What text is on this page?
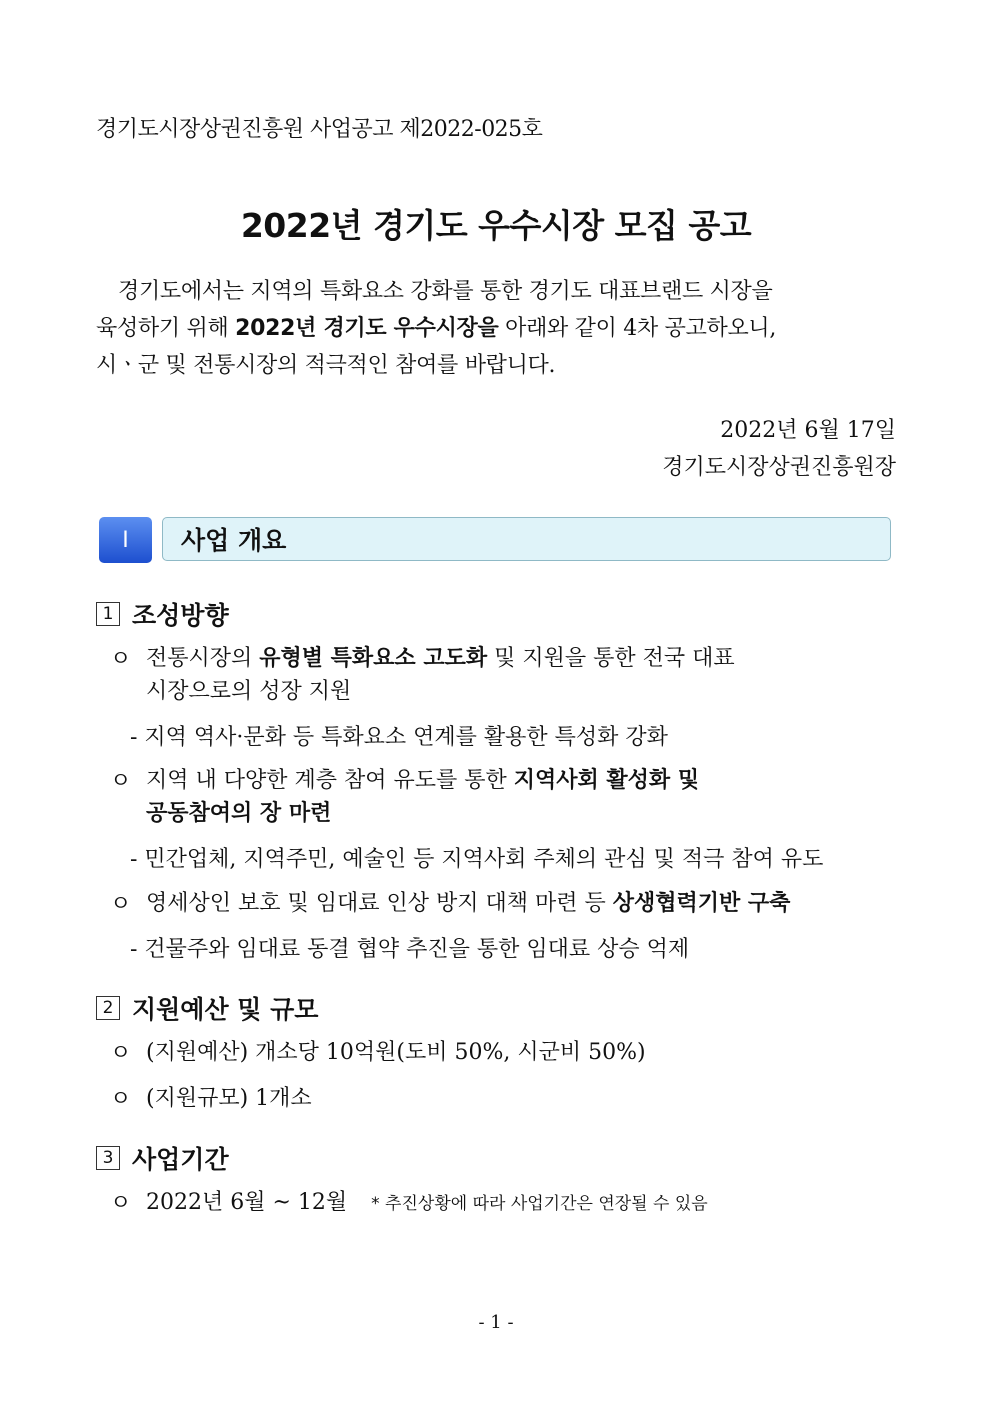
경기도시장상권진흥원 사업공고 제2022-025호
2022년 경기도 우수시장 모집 공고
경기도에서는 지역의 특화요소 강화를 통한 경기도 대표브랜드 시장을
육성하기 위해 2022년 경기도 우수시장을 아래와 같이 4차 공고하오니,
시ㆍ군 및 전통시장의 적극적인 참여를 바랍니다.
2022년 6월 17일
경기도시장상권진흥원장
Ⅰ	사업 개요
1 조성방향
ㅇ 전통시장의 유형별 특화요소 고도화 및 지원을 통한 전국 대표
시장으로의 성장 지원
- 지역 역사·문화 등 특화요소 연계를 활용한 특성화 강화
ㅇ 지역 내 다양한 계층 참여 유도를 통한 지역사회 활성화 및
공동참여의 장 마련
- 민간업체, 지역주민, 예술인 등 지역사회 주체의 관심 및 적극 참여 유도
ㅇ 영세상인 보호 및 임대료 인상 방지 대책 마련 등 상생협력기반 구축
- 건물주와 임대료 동결 협약 추진을 통한 임대료 상승 억제
2 지원예산 및 규모
ㅇ (지원예산) 개소당 10억원(도비 50%, 시군비 50%)
ㅇ (지원규모) 1개소
3 사업기간
ㅇ 2022년 6월 ~ 12월 * 추진상황에 따라 사업기간은 연장될 수 있음
- 1 -
